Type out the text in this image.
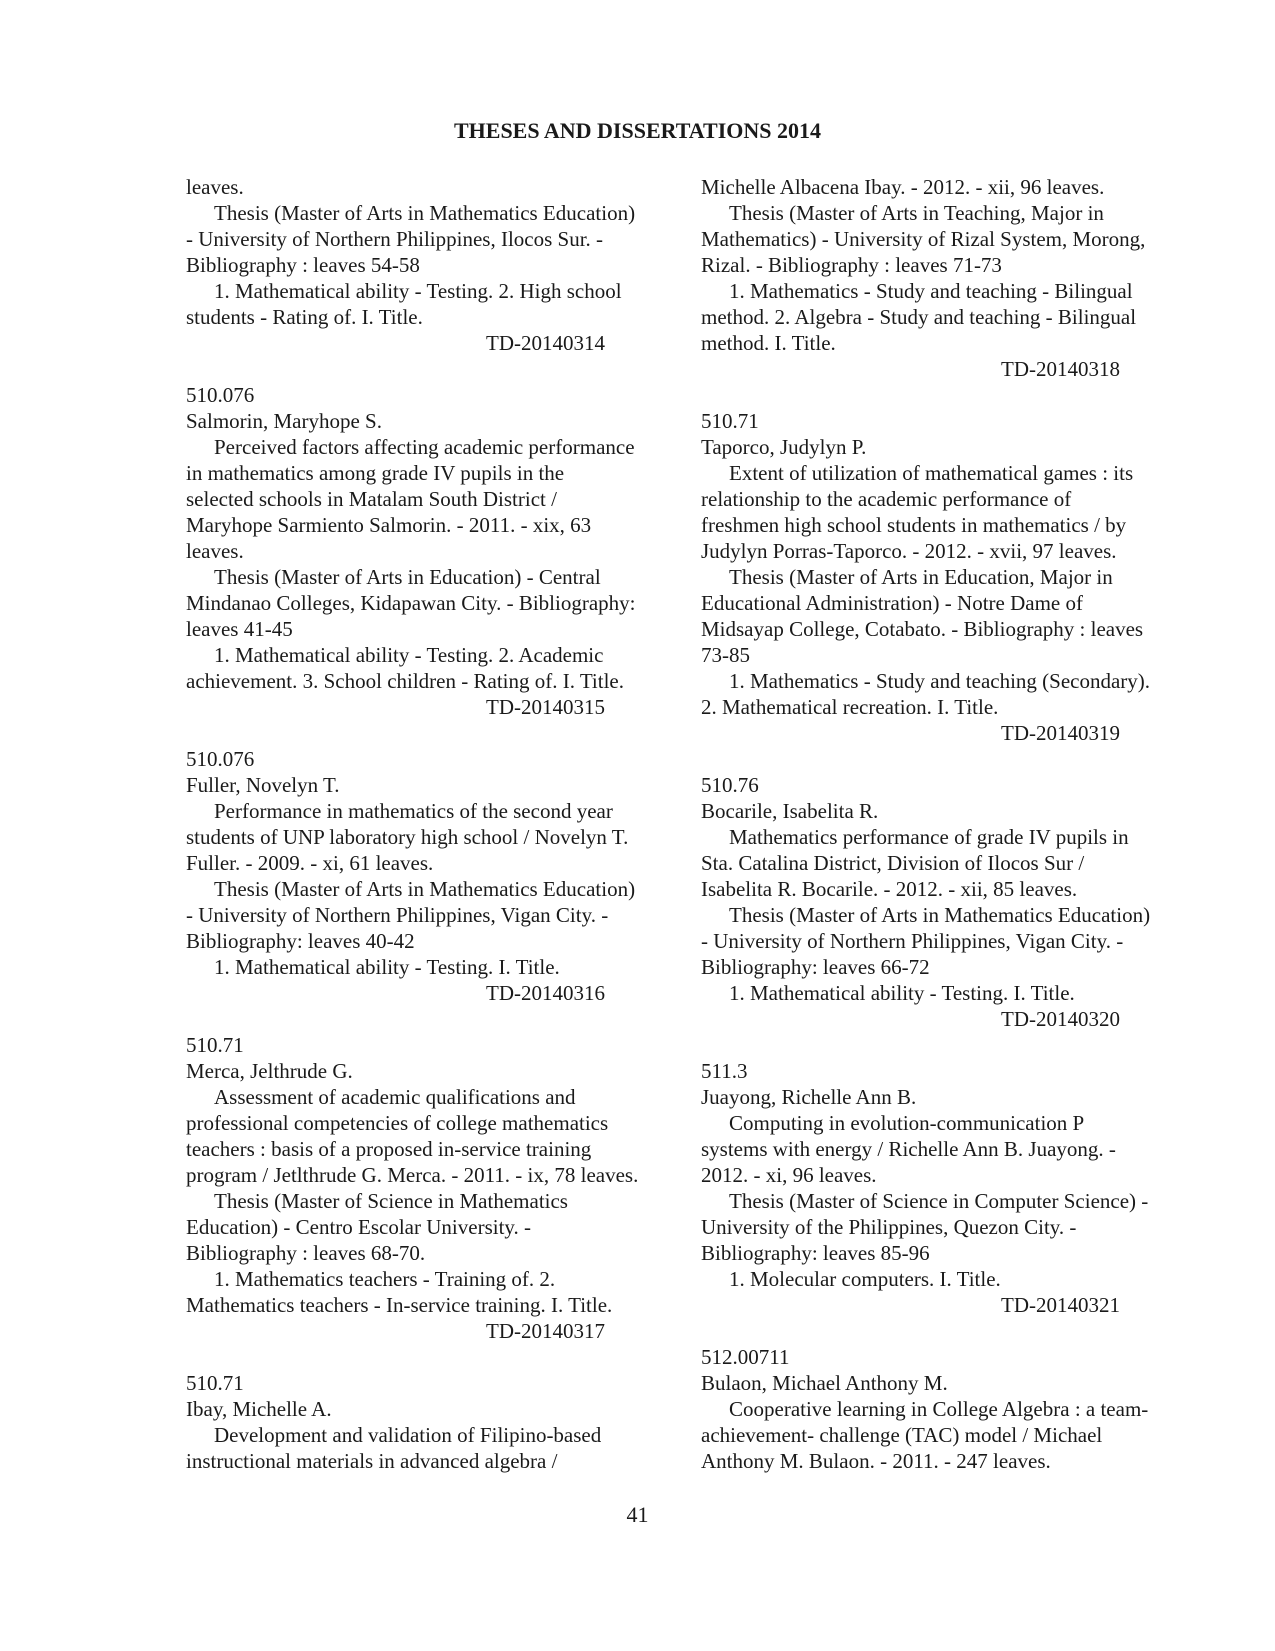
THESES AND DISSERTATIONS 2014
leaves.
Thesis (Master of Arts in Mathematics Education)
- University of Northern Philippines, Ilocos Sur. -
Bibliography : leaves 54-58
1. Mathematical ability - Testing. 2. High school
students - Rating of. I. Title.
TD-20140314
510.076
Salmorin, Maryhope S.
Perceived factors affecting academic performance
in mathematics among grade IV pupils in the
selected schools in Matalam South District /
Maryhope Sarmiento Salmorin. - 2011. - xix, 63
leaves.
Thesis (Master of Arts in Education) - Central
Mindanao Colleges, Kidapawan City. - Bibliography:
leaves 41-45
1. Mathematical ability - Testing. 2. Academic
achievement. 3. School children - Rating of. I. Title.
TD-20140315
510.076
Fuller, Novelyn T.
Performance in mathematics of the second year
students of UNP laboratory high school / Novelyn T.
Fuller. - 2009. - xi, 61 leaves.
Thesis (Master of Arts in Mathematics Education)
- University of Northern Philippines, Vigan City. -
Bibliography: leaves 40-42
1. Mathematical ability - Testing. I. Title.
TD-20140316
510.71
Merca, Jelthrude G.
Assessment of academic qualifications and
professional competencies of college mathematics
teachers : basis of a proposed in-service training
program / Jetlthrude G. Merca. - 2011. - ix, 78 leaves.
Thesis (Master of Science in Mathematics
Education) - Centro Escolar University. -
Bibliography : leaves 68-70.
1. Mathematics teachers - Training of. 2.
Mathematics teachers - In-service training. I. Title.
TD-20140317
510.71
Ibay, Michelle A.
Development and validation of Filipino-based
instructional materials in advanced algebra /
Michelle Albacena Ibay. - 2012. - xii, 96 leaves.
Thesis (Master of Arts in Teaching, Major in
Mathematics) - University of Rizal System, Morong,
Rizal. - Bibliography : leaves 71-73
1. Mathematics - Study and teaching - Bilingual
method. 2. Algebra - Study and teaching - Bilingual
method. I. Title.
TD-20140318
510.71
Taporco, Judylyn P.
Extent of utilization of mathematical games : its
relationship to the academic performance of
freshmen high school students in mathematics / by
Judylyn Porras-Taporco. - 2012. - xvii, 97 leaves.
Thesis (Master of Arts in Education, Major in
Educational Administration) - Notre Dame of
Midsayap College, Cotabato. - Bibliography : leaves
73-85
1. Mathematics - Study and teaching (Secondary).
2. Mathematical recreation. I. Title.
TD-20140319
510.76
Bocarile, Isabelita R.
Mathematics performance of grade IV pupils in
Sta. Catalina District, Division of Ilocos Sur /
Isabelita R. Bocarile. - 2012. - xii, 85 leaves.
Thesis (Master of Arts in Mathematics Education)
- University of Northern Philippines, Vigan City. -
Bibliography: leaves 66-72
1. Mathematical ability - Testing. I. Title.
TD-20140320
511.3
Juayong, Richelle Ann B.
Computing in evolution-communication P
systems with energy / Richelle Ann B. Juayong. -
2012. - xi, 96 leaves.
Thesis (Master of Science in Computer Science) -
University of the Philippines, Quezon City. -
Bibliography: leaves 85-96
1. Molecular computers. I. Title.
TD-20140321
512.00711
Bulaon, Michael Anthony M.
Cooperative learning in College Algebra : a team-
achievement- challenge (TAC) model / Michael
Anthony M. Bulaon. - 2011. - 247 leaves.
41
